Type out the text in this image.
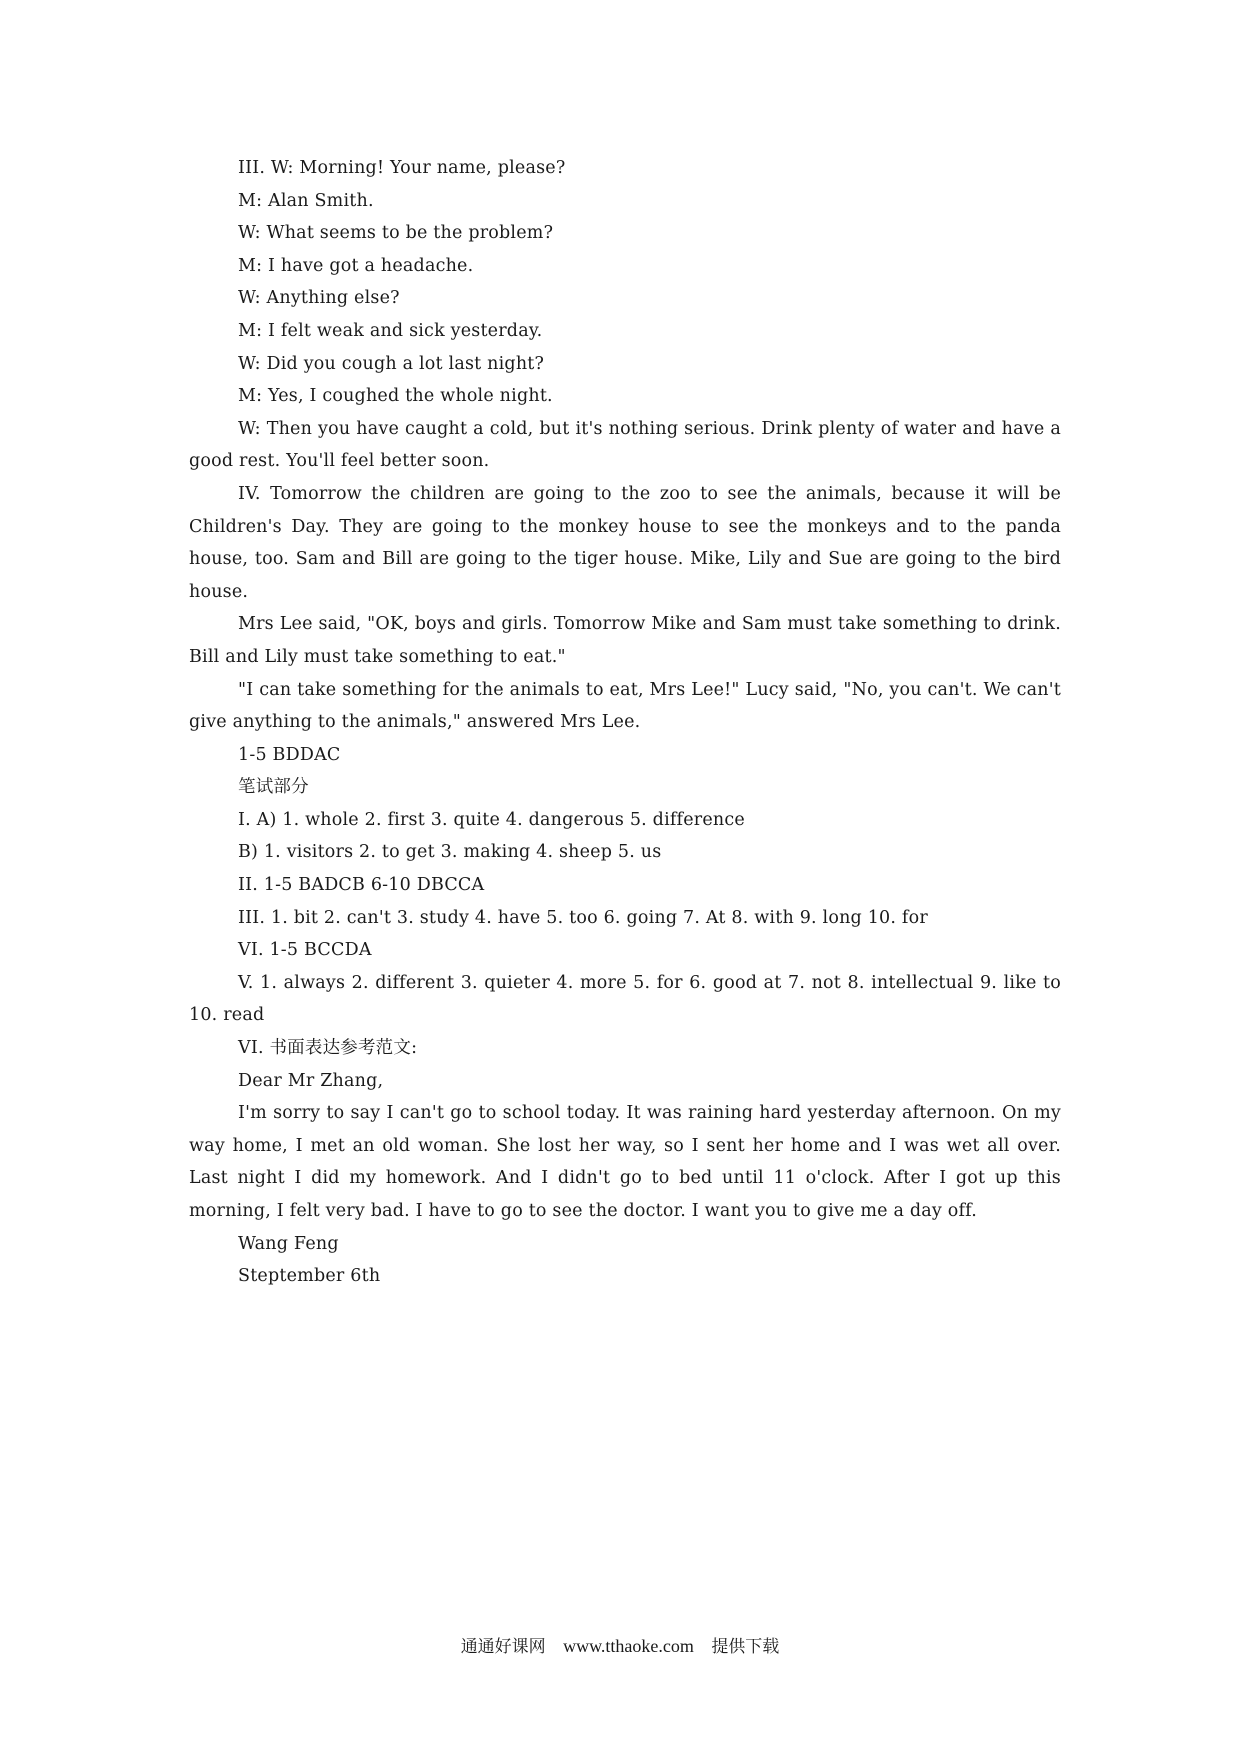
III. W: Morning! Your name, please?
M: Alan Smith.
W: What seems to be the problem?
M: I have got a headache.
W: Anything else?
M: I felt weak and sick yesterday.
W: Did you cough a lot last night?
M: Yes, I coughed the whole night.
W: Then you have caught a cold, but it's nothing serious. Drink plenty of water and have a good rest. You'll feel better soon.
IV. Tomorrow the children are going to the zoo to see the animals, because it will be Children's Day. They are going to the monkey house to see the monkeys and to the panda house, too. Sam and Bill are going to the tiger house. Mike, Lily and Sue are going to the bird house.
Mrs Lee said, "OK, boys and girls. Tomorrow Mike and Sam must take something to drink. Bill and Lily must take something to eat."
"I can take something for the animals to eat, Mrs Lee!" Lucy said, "No, you can't. We can't give anything to the animals," answered Mrs Lee.
1-5 BDDAC
笔试部分
I. A) 1. whole 2. first 3. quite 4. dangerous 5. difference
B) 1. visitors 2. to get 3. making 4. sheep 5. us
II. 1-5 BADCB 6-10 DBCCA
III. 1. bit 2. can't 3. study 4. have 5. too 6. going 7. At 8. with 9. long 10. for
VI. 1-5 BCCDA
V. 1. always 2. different 3. quieter 4. more 5. for 6. good at 7. not 8. intellectual 9. like to 10. read
VI. 书面表达参考范文:
Dear Mr Zhang,
I'm sorry to say I can't go to school today. It was raining hard yesterday afternoon. On my way home, I met an old woman. She lost her way, so I sent her home and I was wet all over. Last night I did my homework. And I didn't go to bed until 11 o'clock. After I got up this morning, I felt very bad. I have to go to see the doctor. I want you to give me a day off.
Wang Feng
Steptember 6th
通通好课网 www.tthaoke.com 提供下载
